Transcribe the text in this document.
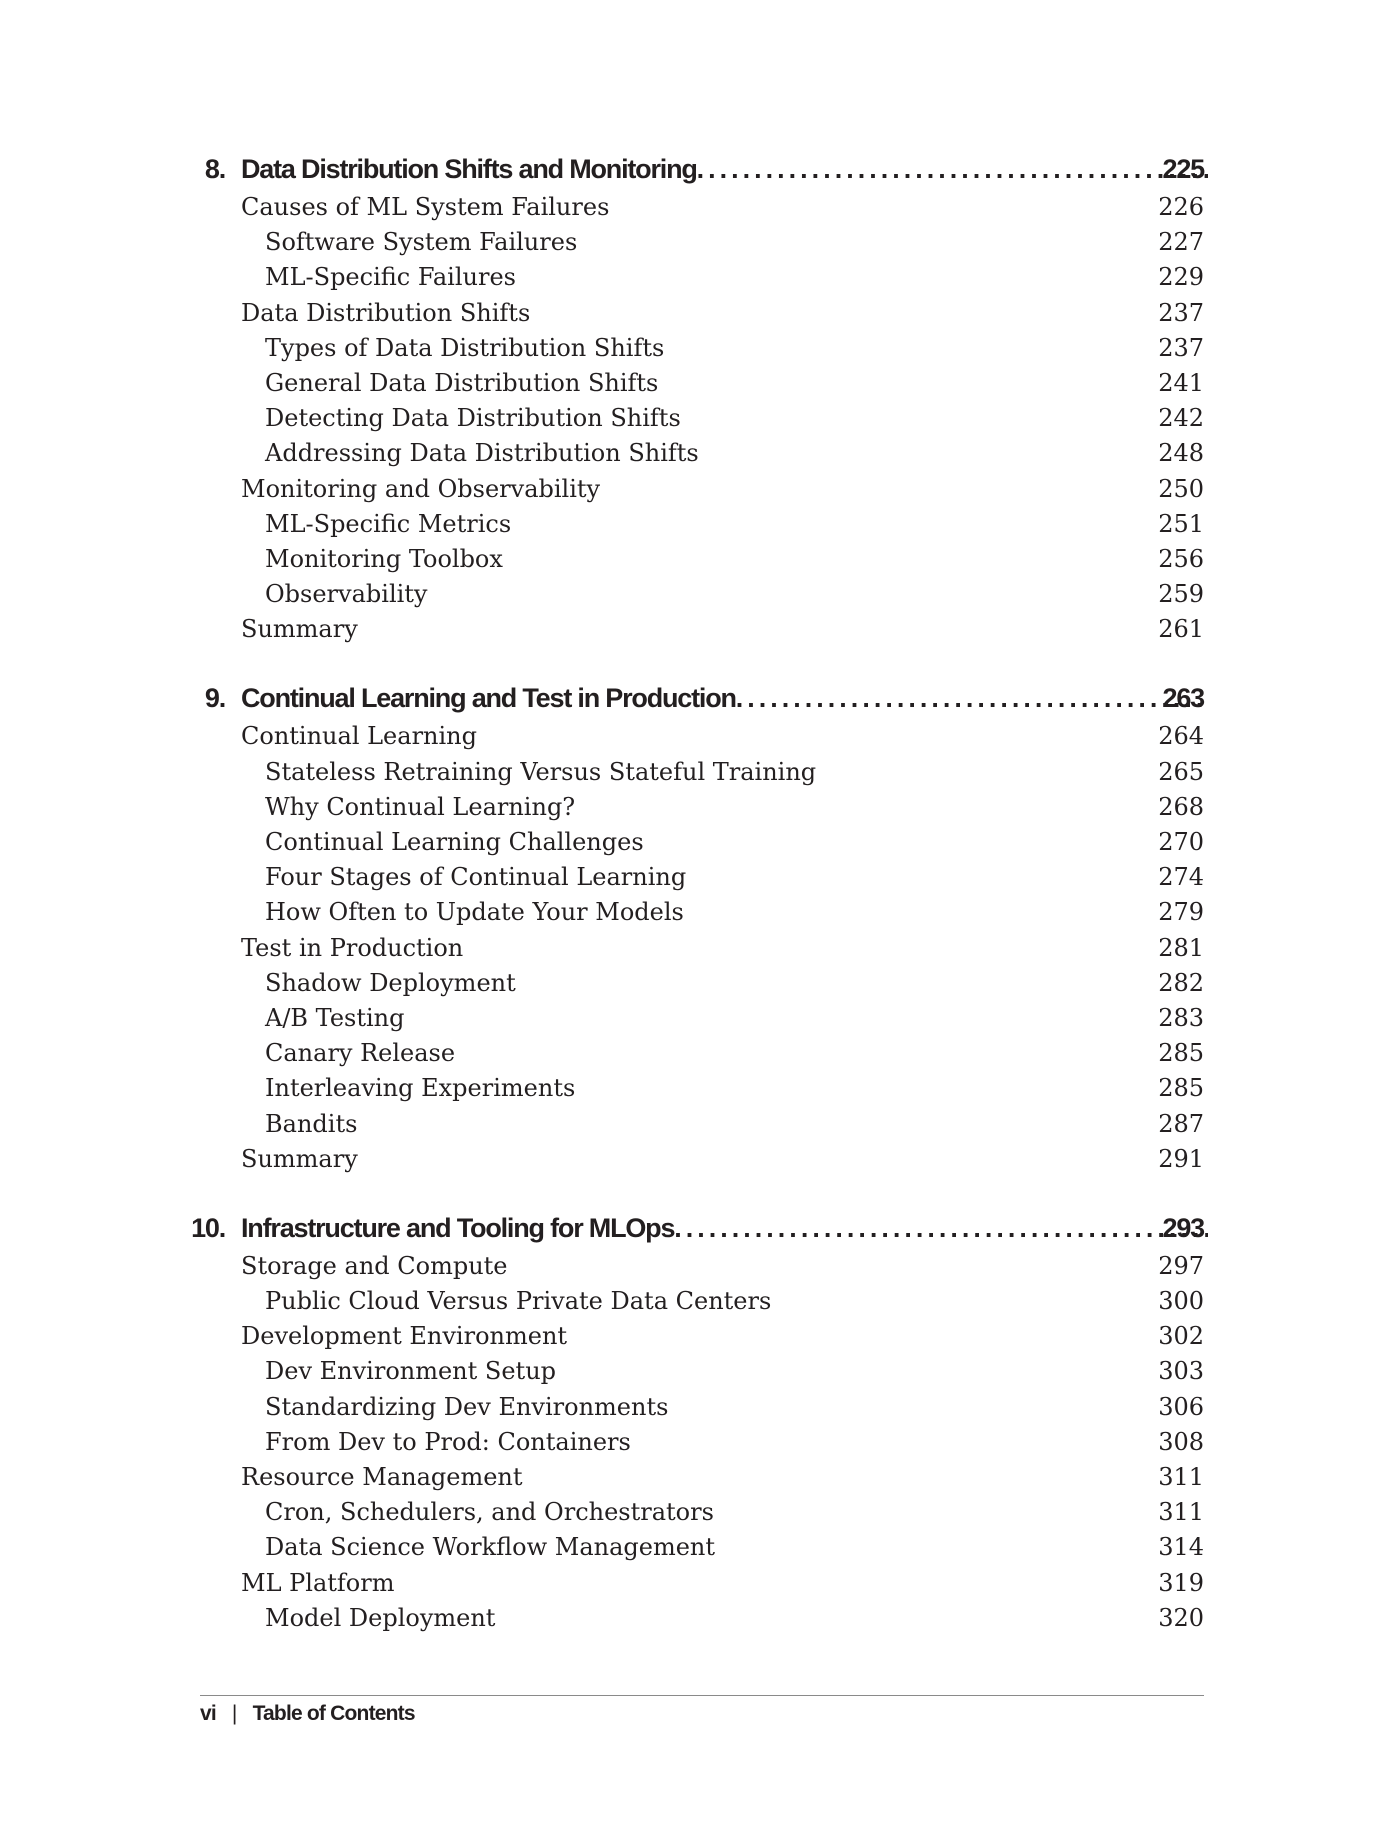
8. Data Distribution Shifts and Monitoring .....	225
Causes of ML System Failures	226
Software System Failures	227
ML-Specific Failures	229
Data Distribution Shifts	237
Types of Data Distribution Shifts	237
General Data Distribution Shifts	241
Detecting Data Distribution Shifts	242
Addressing Data Distribution Shifts	248
Monitoring and Observability	250
ML-Specific Metrics	251
Monitoring Toolbox	256
Observability	259
Summary	261
9. Continual Learning and Test in Production .....	263
Continual Learning	264
Stateless Retraining Versus Stateful Training	265
Why Continual Learning?	268
Continual Learning Challenges	270
Four Stages of Continual Learning	274
How Often to Update Your Models	279
Test in Production	281
Shadow Deployment	282
A/B Testing	283
Canary Release	285
Interleaving Experiments	285
Bandits	287
Summary	291
10. Infrastructure and Tooling for MLOps .....	293
Storage and Compute	297
Public Cloud Versus Private Data Centers	300
Development Environment	302
Dev Environment Setup	303
Standardizing Dev Environments	306
From Dev to Prod: Containers	308
Resource Management	311
Cron, Schedulers, and Orchestrators	311
Data Science Workflow Management	314
ML Platform	319
Model Deployment	320
vi | Table of Contents
